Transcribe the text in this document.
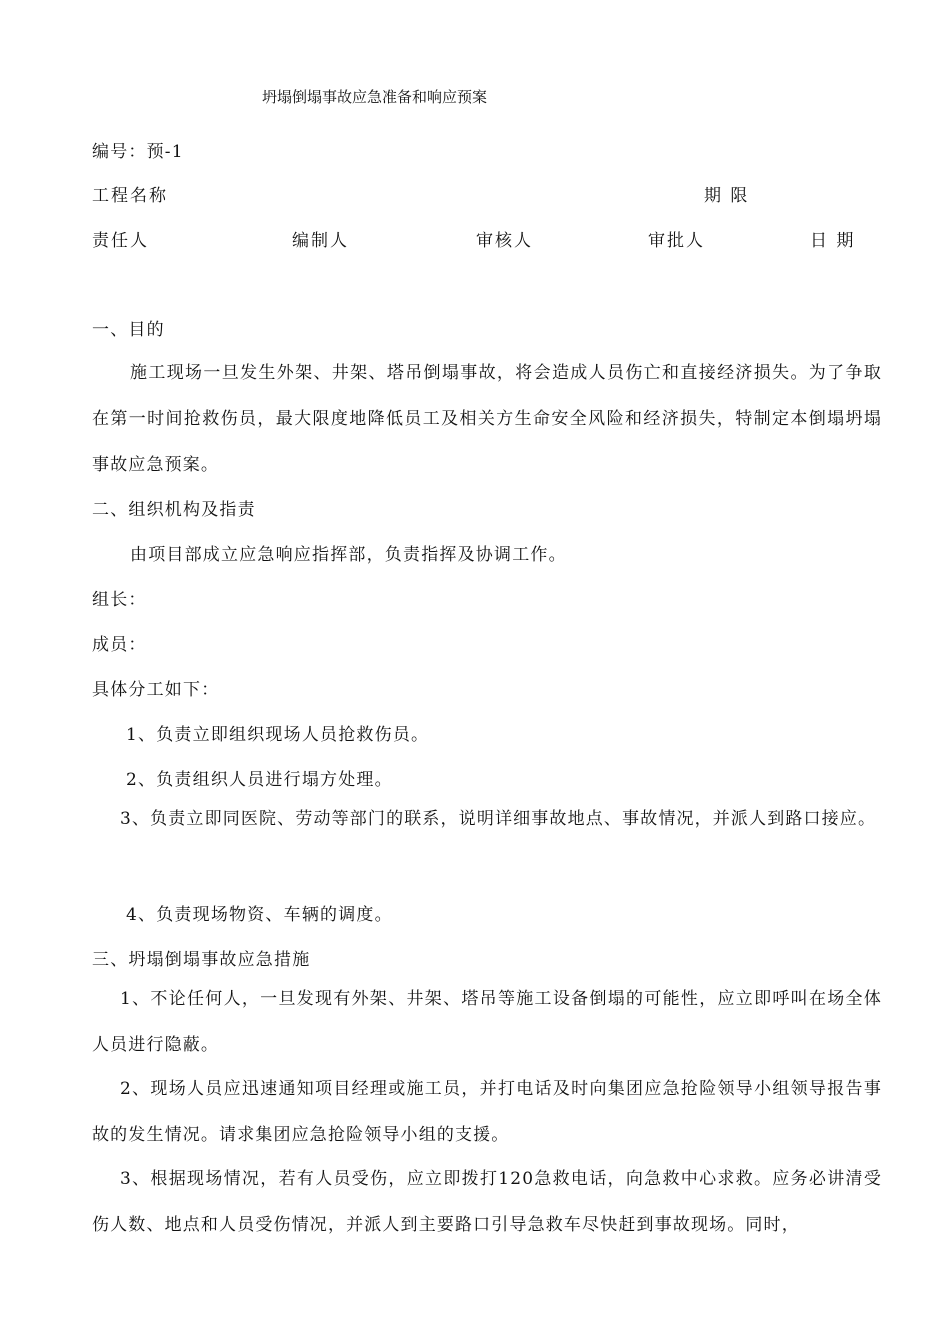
坍塌倒塌事故应急准备和响应预案
编号：预-1
工程名称	期 限
责任人	编制人	审核人	审批人	日 期
一、目的
施工现场一旦发生外架、井架、塔吊倒塌事故，将会造成人员伤亡和直接经济损失。为了争取在第一时间抢救伤员，最大限度地降低员工及相关方生命安全风险和经济损失，特制定本倒塌坍塌事故应急预案。
二、组织机构及指责
由项目部成立应急响应指挥部，负责指挥及协调工作。
组长：
成员：
具体分工如下：
1、负责立即组织现场人员抢救伤员。
2、负责组织人员进行塌方处理。
3、负责立即同医院、劳动等部门的联系，说明详细事故地点、事故情况，并派人到路口接应。
4、负责现场物资、车辆的调度。
三、坍塌倒塌事故应急措施
1、不论任何人，一旦发现有外架、井架、塔吊等施工设备倒塌的可能性，应立即呼叫在场全体人员进行隐蔽。
2、现场人员应迅速通知项目经理或施工员，并打电话及时向集团应急抢险领导小组领导报告事故的发生情况。请求集团应急抢险领导小组的支援。
3、根据现场情况，若有人员受伤，应立即拨打120急救电话，向急救中心求救。应务必讲清受伤人数、地点和人员受伤情况，并派人到主要路口引导急救车尽快赶到事故现场。同时，
